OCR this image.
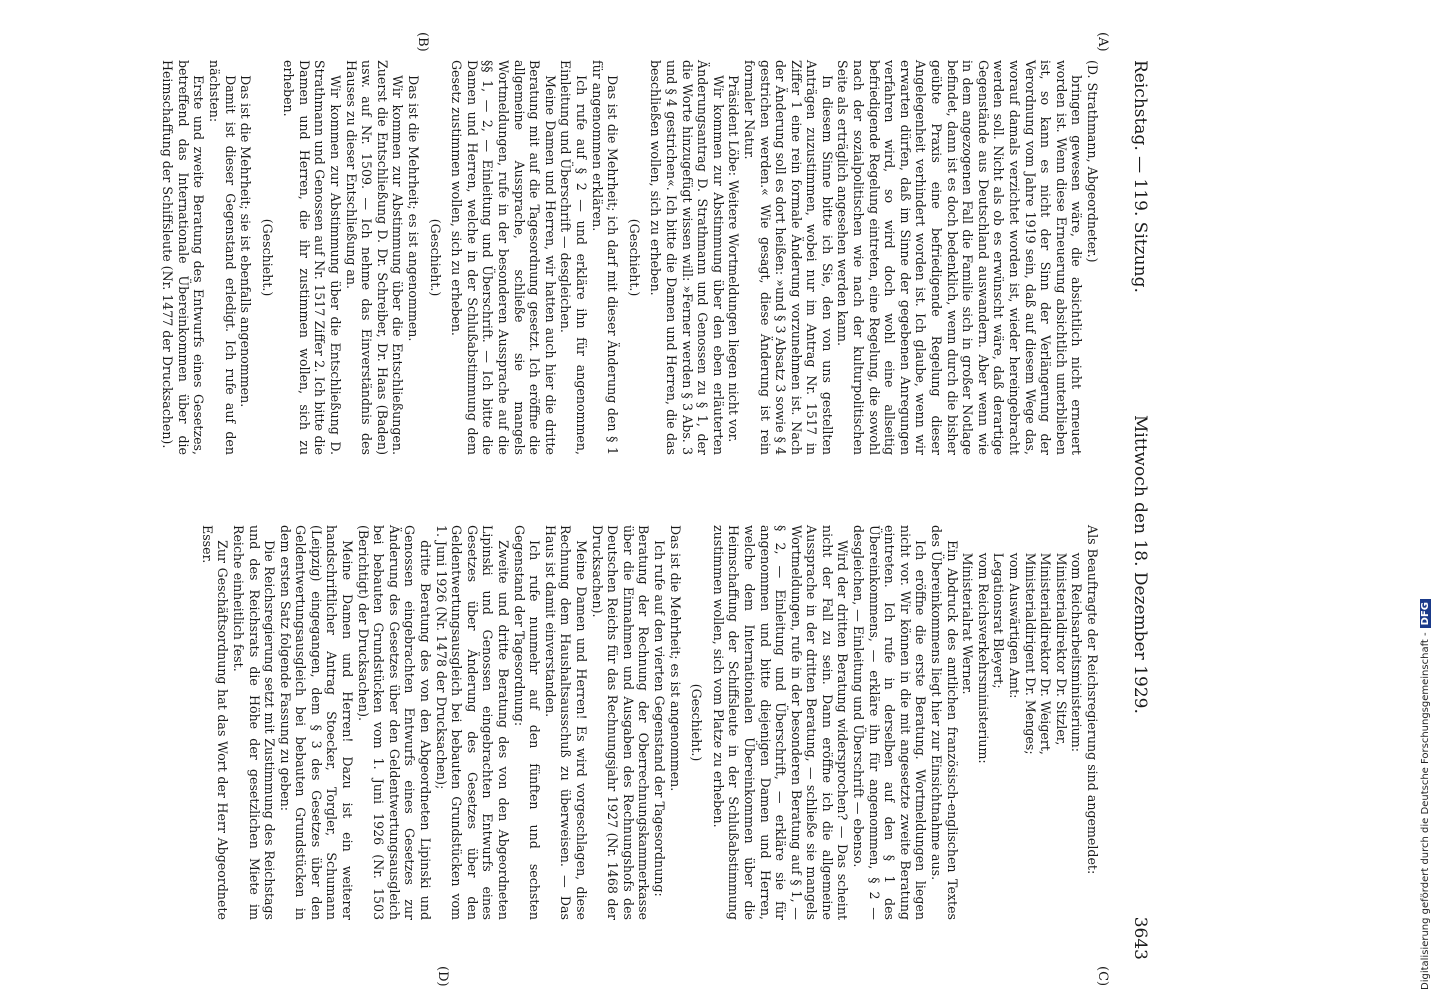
Reichstag. — 119. Sitzung.
Mittwoch den 18. Dezember 1929.
3643
(A)
(B)
(C)
(D)

(D. Strathmann, Abgeordneter.)

bringen gewesen wäre, die absichtlich nicht erneuert worden ist. Wenn diese Erneuerung absichtlich unterblieben ist, so kann es nicht der Sinn der Verlängerung der Verordnung vom Jahre 1919 sein, daß auf diesem Wege das, worauf damals verzichtet worden ist, wieder hereingebracht werden soll. Nicht als ob es erwünscht wäre, daß derartige Gegenstände aus Deutschland auswandern. Aber wenn wie in dem angezogenen Fall die Familie sich in großer Notlage befindet, dann ist es doch bedenklich, wenn durch die bisher geübte Praxis eine befriedigende Regelung dieser Angelegenheit verhindert worden ist. Ich glaube, wenn wir erwarten dürfen, daß im Sinne der gegebenen Anregungen verfahren wird, so wird doch wohl eine allseitig befriedigende Regelung eintreten, eine Regelung, die sowohl nach der sozialpolitischen wie nach der kulturpolitischen Seite als erträglich angesehen werden kann.

In diesem Sinne bitte ich Sie, den von uns gestellten Anträgen zuzustimmen, wobei nur im Antrag Nr. 1517 in Ziffer 1 eine rein formale Änderung vorzunehmen ist. Nach der Änderung soll es dort heißen: »und § 3 Absatz 3 sowie § 4 gestrichen werden.« Wie gesagt, diese Änderung ist rein formaler Natur.

Präsident Löbe: Weitere Wortmeldungen liegen nicht vor.

Wir kommen zur Abstimmung über den eben erläuterten Änderungsantrag D. Strathmann und Genossen zu § 1, der die Worte hinzugefügt wissen will: »Ferner werden § 3 Abs. 3 und § 4 gestrichen«. Ich bitte die Damen und Herren, die das beschließen wollen, sich zu erheben.

(Geschieht.)

Das ist die Mehrheit; ich darf mit dieser Änderung den § 1 für angenommen erklären.

Ich rufe auf § 2 — und erkläre ihn für angenommen, Einleitung und Überschrift — desgleichen.

Meine Damen und Herren, wir hatten auch hier die dritte Beratung mit auf die Tagesordnung gesetzt. Ich eröffne die allgemeine Aussprache, schließe sie mangels Wortmeldungen, rufe in der besonderen Aussprache auf die §§ 1, — 2, — Einleitung und Überschrift. — Ich bitte die Damen und Herren, welche in der Schlußabstimmung dem Gesetz zustimmen wollen, sich zu erheben.

(Geschieht.)

Das ist die Mehrheit; es ist angenommen.

Wir kommen zur Abstimmung über die Entschließungen. Zuerst die Entschließung D. Dr. Schreiber, Dr. Haas (Baden) usw. auf Nr. 1509. — Ich nehme das Einverständnis des Hauses zu dieser Entschließung an.

Wir kommen zur Abstimmung über die Entschließung D. Strathmann und Genossen auf Nr. 1517 Ziffer 2. Ich bitte die Damen und Herren, die ihr zustimmen wollen, sich zu erheben.

(Geschieht.)

Das ist die Mehrheit; sie ist ebenfalls angenommen.

Damit ist dieser Gegenstand erledigt. Ich rufe auf den nächsten:

Erste und zweite Beratung des Entwurfs eines Gesetzes, betreffend das Internationale Übereinkommen über die Heimschaffung der Schiffsleute (Nr. 1477 der Drucksachen).

Als Beauftragte der Reichsregierung sind angemeldet:

vom Reichsarbeitsministerium:

Ministerialdirektor Dr. Sitzler,

Ministerialdirektor Dr. Weigert,

Ministerialdirigent Dr. Menges;

vom Auswärtigen Amt:

Legationsrat Bleyert;

vom Reichsverkehrsministerium:

Ministerialrat Werner.

Ein Abdruck des amtlichen französisch-englischen Textes des Übereinkommens liegt hier zur Einsichtnahme aus.

Ich eröffne die erste Beratung. Wortmeldungen liegen nicht vor. Wir können in die mit angesetzte zweite Beratung eintreten. Ich rufe in derselben auf den § 1 des Übereinkommens, — erkläre ihn für angenommen, § 2 — desgleichen, — Einleitung und Überschrift — ebenso.

Wird der dritten Beratung widersprochen? — Das scheint nicht der Fall zu sein. Dann eröffne ich die allgemeine Aussprache in der dritten Beratung, — schließe sie mangels Wortmeldungen, rufe in der besonderen Beratung auf § 1, — § 2, — Einleitung und Überschrift, — erkläre sie für angenommen und bitte diejenigen Damen und Herren, welche dem Internationalen Übereinkommen über die Heimschaffung der Schiffsleute in der Schlußabstimmung zustimmen wollen, sich vom Platze zu erheben.

(Geschieht.)

Das ist die Mehrheit; es ist angenommen.

Ich rufe auf den vierten Gegenstand der Tagesordnung:

Beratung der Rechnung der Oberrechnungskammerkasse über die Einnahmen und Ausgaben des Rechnungshofs des Deutschen Reichs für das Rechnungsjahr 1927 (Nr. 1468 der Drucksachen).

Meine Damen und Herren! Es wird vorgeschlagen, diese Rechnung dem Haushaltsausschuß zu überweisen. — Das Haus ist damit einverstanden.

Ich rufe nunmehr auf den fünften und sechsten Gegenstand der Tagesordnung:

Zweite und dritte Beratung des von den Abgeordneten Lipinski und Genossen eingebrachten Entwurfs eines Gesetzes über Änderung des Gesetzes über den Geldentwertungsausgleich bei bebauten Grundstücken vom 1. Juni 1926 (Nr. 1478 der Drucksachen);

dritte Beratung des von den Abgeordneten Lipinski und Genossen eingebrachten Entwurfs eines Gesetzes zur Änderung des Gesetzes über den Geldentwertungsausgleich bei bebauten Grundstücken vom 1. Juni 1926 (Nr. 1503 (Berichtigt) der Drucksachen).

Meine Damen und Herren! Dazu ist ein weiterer handschriftlicher Antrag Stoecker, Torgler, Schumann (Leipzig) eingegangen, dem § 3 des Gesetzes über den Geldentwertungsausgleich bei bebauten Grundstücken in dem ersten Satz folgende Fassung zu geben:

Die Reichsregierung setzt mit Zustimmung des Reichstags und des Reichsrats die Höhe der gesetzlichen Miete im Reiche einheitlich fest.

Zur Geschäftsordnung hat das Wort der Herr Abgeordnete Esser.

Digitalisierung gefördert durch die Deutsche Forschungsgemeinschaft -DFG
